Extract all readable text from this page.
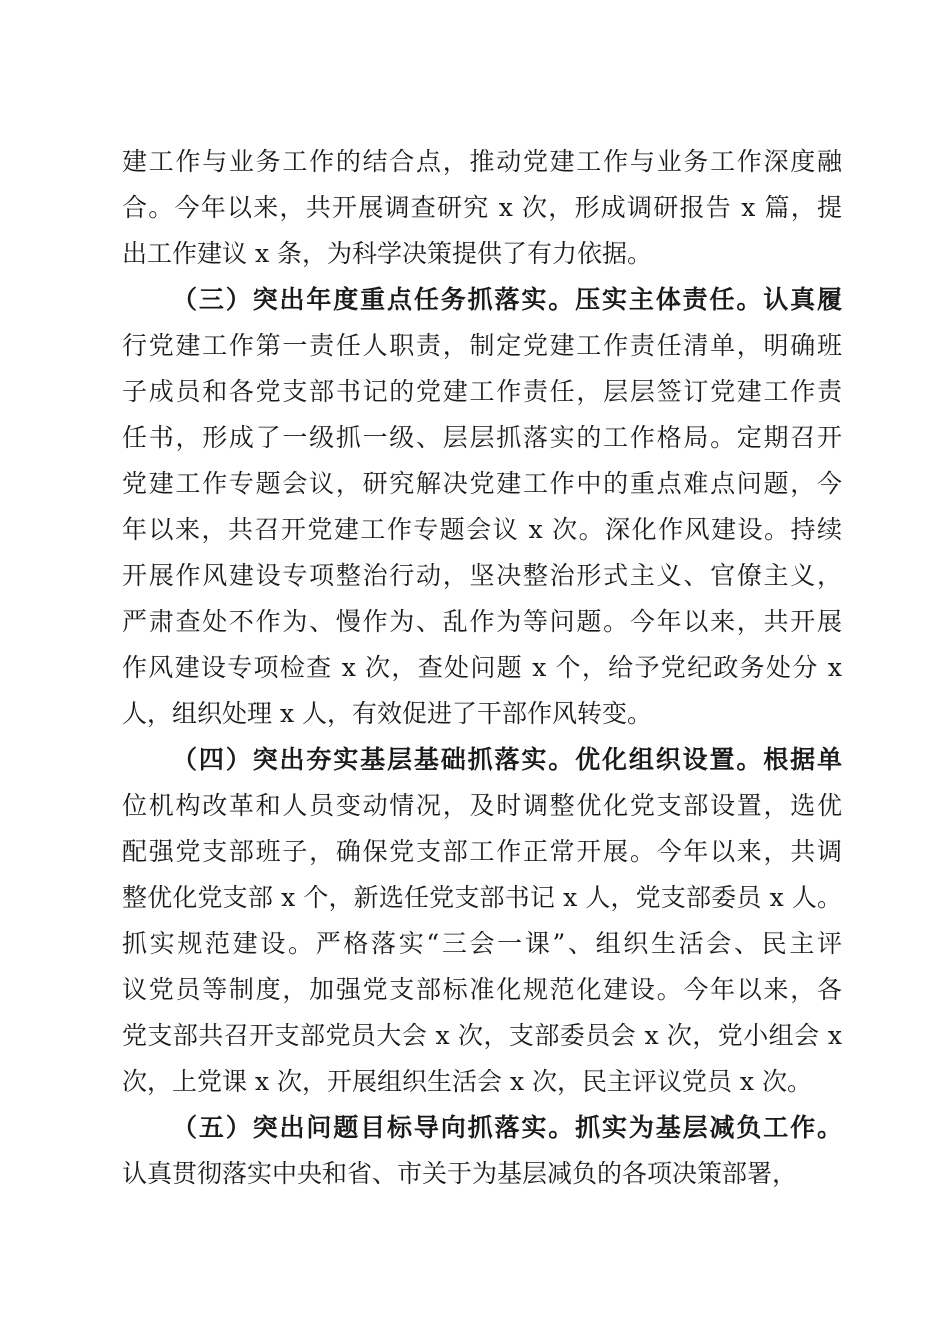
建工作与业务工作的结合点，推动党建工作与业务工作深度融
合。今年以来，共开展调查研究 x 次，形成调研报告 x 篇，提
出工作建议 x 条，为科学决策提供了有力依据。
（三）突出年度重点任务抓落实。压实主体责任。认真履
行党建工作第一责任人职责，制定党建工作责任清单，明确班
子成员和各党支部书记的党建工作责任，层层签订党建工作责
任书，形成了一级抓一级、层层抓落实的工作格局。定期召开
党建工作专题会议，研究解决党建工作中的重点难点问题，今
年以来，共召开党建工作专题会议 x 次。深化作风建设。持续
开展作风建设专项整治行动，坚决整治形式主义、官僚主义，
严肃查处不作为、慢作为、乱作为等问题。今年以来，共开展
作风建设专项检查 x 次，查处问题 x 个，给予党纪政务处分 x
人，组织处理 x 人，有效促进了干部作风转变。
（四）突出夯实基层基础抓落实。优化组织设置。根据单
位机构改革和人员变动情况，及时调整优化党支部设置，选优
配强党支部班子，确保党支部工作正常开展。今年以来，共调
整优化党支部 x 个，新选任党支部书记 x 人，党支部委员 x 人。
抓实规范建设。严格落实“三会一课”、组织生活会、民主评
议党员等制度，加强党支部标准化规范化建设。今年以来，各
党支部共召开支部党员大会 x 次，支部委员会 x 次，党小组会 x
次，上党课 x 次，开展组织生活会 x 次，民主评议党员 x 次。
（五）突出问题目标导向抓落实。抓实为基层减负工作。
认真贯彻落实中央和省、市关于为基层减负的各项决策部署，
